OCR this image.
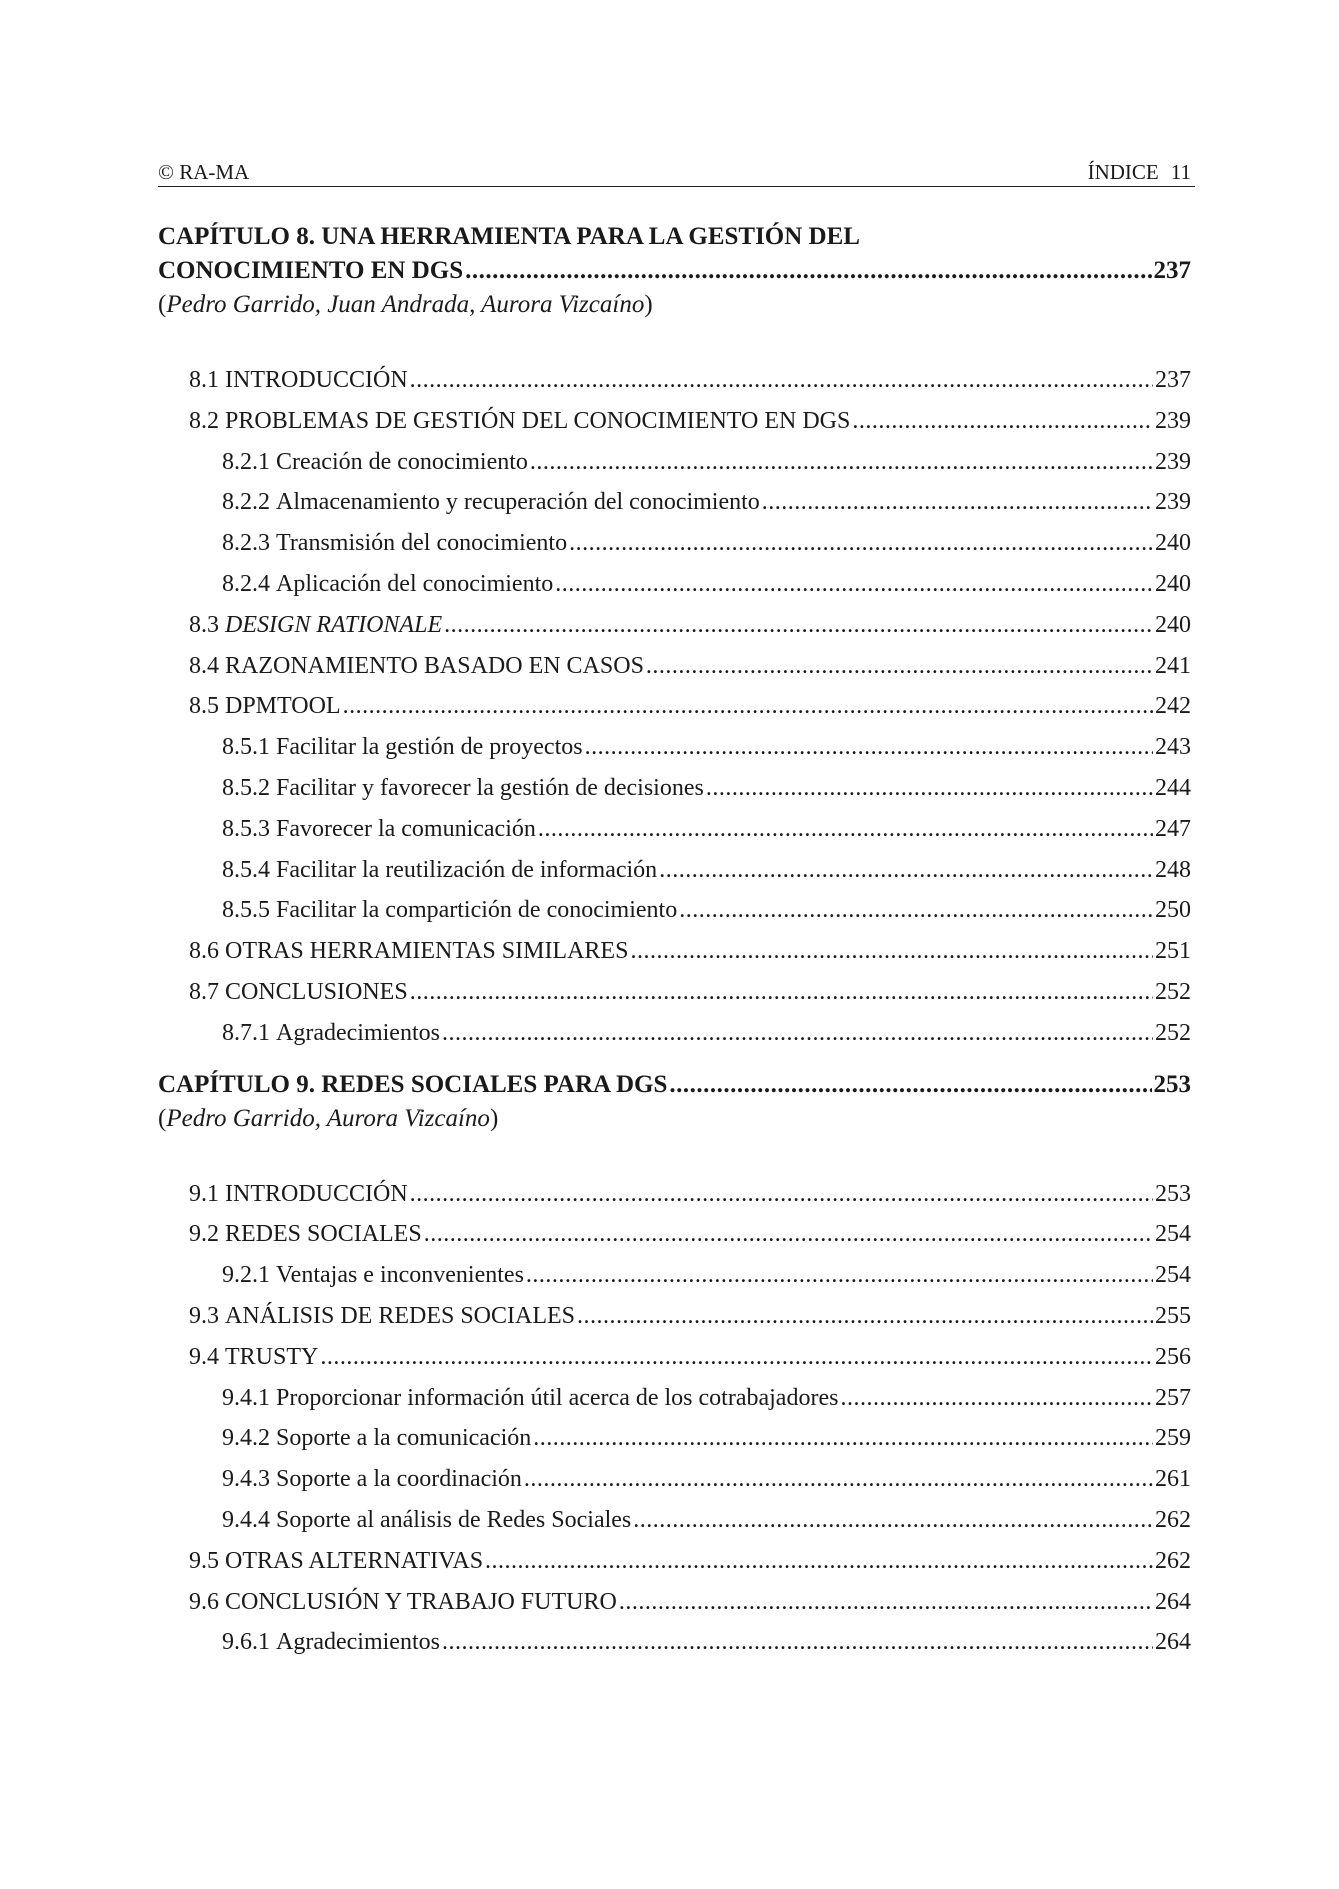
© RA-MA	ÍNDICE 11
CAPÍTULO 8. UNA HERRAMIENTA PARA LA GESTIÓN DEL
CONOCIMIENTO EN DGS .....	237
(Pedro Garrido, Juan Andrada, Aurora Vizcaíno)
8.1 INTRODUCCIÓN .....	237
8.2 PROBLEMAS DE GESTIÓN DEL CONOCIMIENTO EN DGS .....	239
8.2.1 Creación de conocimiento .....	239
8.2.2 Almacenamiento y recuperación del conocimiento .....	239
8.2.3 Transmisión del conocimiento .....	240
8.2.4 Aplicación del conocimiento .....	240
8.3 DESIGN RATIONALE .....	240
8.4 RAZONAMIENTO BASADO EN CASOS .....	241
8.5 DPMTOOL .....	242
8.5.1 Facilitar la gestión de proyectos .....	243
8.5.2 Facilitar y favorecer la gestión de decisiones .....	244
8.5.3 Favorecer la comunicación .....	247
8.5.4 Facilitar la reutilización de información .....	248
8.5.5 Facilitar la compartición de conocimiento .....	250
8.6 OTRAS HERRAMIENTAS SIMILARES .....	251
8.7 CONCLUSIONES .....	252
8.7.1 Agradecimientos .....	252
CAPÍTULO 9. REDES SOCIALES PARA DGS .....	253
(Pedro Garrido, Aurora Vizcaíno)
9.1 INTRODUCCIÓN .....	253
9.2 REDES SOCIALES .....	254
9.2.1 Ventajas e inconvenientes .....	254
9.3 ANÁLISIS DE REDES SOCIALES .....	255
9.4 TRUSTY .....	256
9.4.1 Proporcionar información útil acerca de los cotrabajadores .....	257
9.4.2 Soporte a la comunicación .....	259
9.4.3 Soporte a la coordinación .....	261
9.4.4 Soporte al análisis de Redes Sociales .....	262
9.5 OTRAS ALTERNATIVAS .....	262
9.6 CONCLUSIÓN Y TRABAJO FUTURO .....	264
9.6.1 Agradecimientos .....	264
